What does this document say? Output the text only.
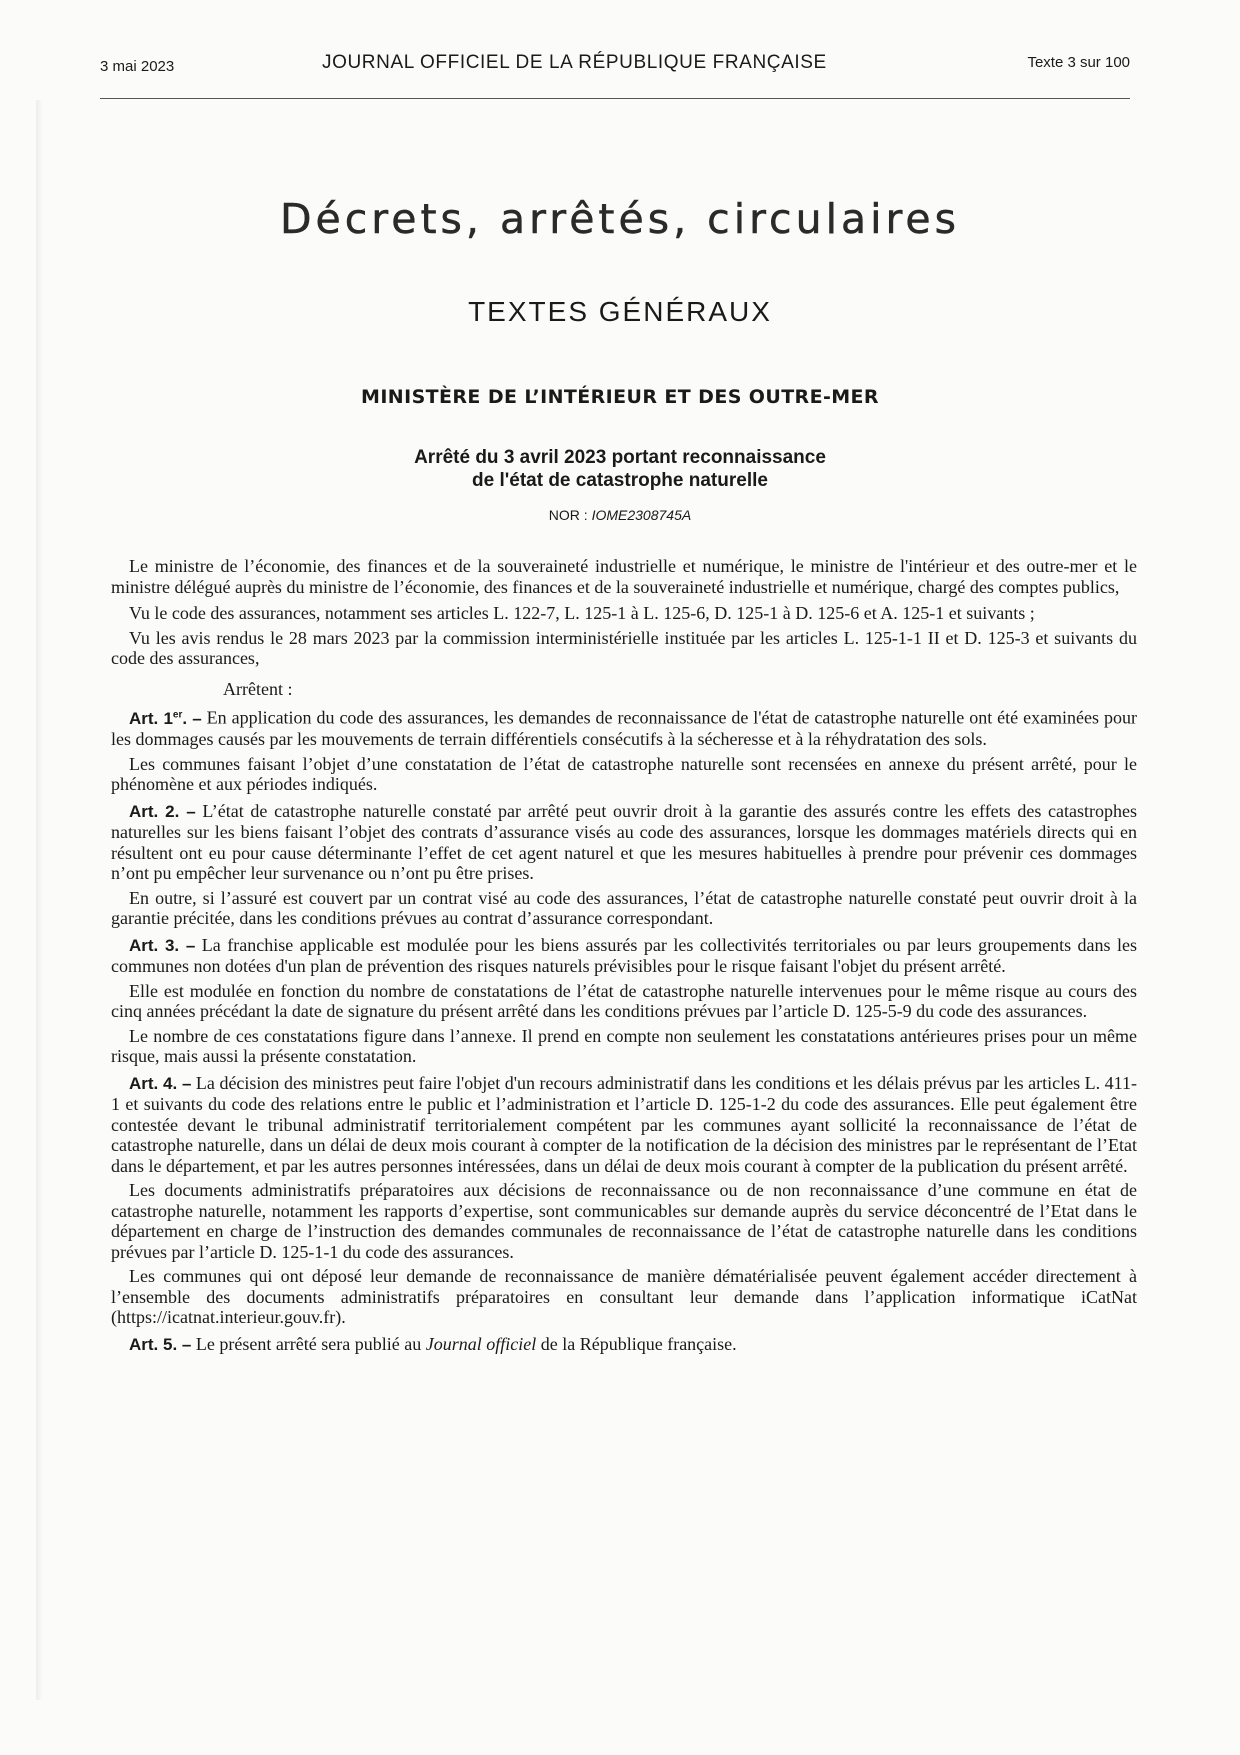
3 mai 2023	JOURNAL OFFICIEL DE LA RÉPUBLIQUE FRANÇAISE	Texte 3 sur 100
Décrets, arrêtés, circulaires
TEXTES GÉNÉRAUX
MINISTÈRE DE L’INTÉRIEUR ET DES OUTRE-MER
Arrêté du 3 avril 2023 portant reconnaissance
de l'état de catastrophe naturelle
NOR : IOME2308745A

Le ministre de l’économie, des finances et de la souveraineté industrielle et numérique, le ministre de l'intérieur et des outre-mer et le ministre délégué auprès du ministre de l’économie, des finances et de la souveraineté industrielle et numérique, chargé des comptes publics,

Vu le code des assurances, notamment ses articles L. 122-7, L. 125-1 à L. 125-6, D. 125-1 à D. 125-6 et A. 125-1 et suivants ;

Vu les avis rendus le 28 mars 2023 par la commission interministérielle instituée par les articles L. 125-1-1 II et D. 125-3 et suivants du code des assurances,

Arrêtent :

Art. 1er. – En application du code des assurances, les demandes de reconnaissance de l'état de catastrophe naturelle ont été examinées pour les dommages causés par les mouvements de terrain différentiels consécutifs à la sécheresse et à la réhydratation des sols.

Les communes faisant l’objet d’une constatation de l’état de catastrophe naturelle sont recensées en annexe du présent arrêté, pour le phénomène et aux périodes indiqués.

Art. 2. – L’état de catastrophe naturelle constaté par arrêté peut ouvrir droit à la garantie des assurés contre les effets des catastrophes naturelles sur les biens faisant l’objet des contrats d’assurance visés au code des assurances, lorsque les dommages matériels directs qui en résultent ont eu pour cause déterminante l’effet de cet agent naturel et que les mesures habituelles à prendre pour prévenir ces dommages n’ont pu empêcher leur survenance ou n’ont pu être prises.

En outre, si l’assuré est couvert par un contrat visé au code des assurances, l’état de catastrophe naturelle constaté peut ouvrir droit à la garantie précitée, dans les conditions prévues au contrat d’assurance correspondant.

Art. 3. – La franchise applicable est modulée pour les biens assurés par les collectivités territoriales ou par leurs groupements dans les communes non dotées d'un plan de prévention des risques naturels prévisibles pour le risque faisant l'objet du présent arrêté.

Elle est modulée en fonction du nombre de constatations de l’état de catastrophe naturelle intervenues pour le même risque au cours des cinq années précédant la date de signature du présent arrêté dans les conditions prévues par l’article D. 125-5-9 du code des assurances.

Le nombre de ces constatations figure dans l’annexe. Il prend en compte non seulement les constatations antérieures prises pour un même risque, mais aussi la présente constatation.

Art. 4. – La décision des ministres peut faire l'objet d'un recours administratif dans les conditions et les délais prévus par les articles L. 411-1 et suivants du code des relations entre le public et l’administration et l’article D. 125-1-2 du code des assurances. Elle peut également être contestée devant le tribunal administratif territorialement compétent par les communes ayant sollicité la reconnaissance de l’état de catastrophe naturelle, dans un délai de deux mois courant à compter de la notification de la décision des ministres par le représentant de l’Etat dans le département, et par les autres personnes intéressées, dans un délai de deux mois courant à compter de la publication du présent arrêté.

Les documents administratifs préparatoires aux décisions de reconnaissance ou de non reconnaissance d’une commune en état de catastrophe naturelle, notamment les rapports d’expertise, sont communicables sur demande auprès du service déconcentré de l’Etat dans le département en charge de l’instruction des demandes communales de reconnaissance de l’état de catastrophe naturelle dans les conditions prévues par l’article D. 125-1-1 du code des assurances.

Les communes qui ont déposé leur demande de reconnaissance de manière dématérialisée peuvent également accéder directement à l’ensemble des documents administratifs préparatoires en consultant leur demande dans l’application informatique iCatNat (https://icatnat.interieur.gouv.fr).

Art. 5. – Le présent arrêté sera publié au Journal officiel de la République française.
